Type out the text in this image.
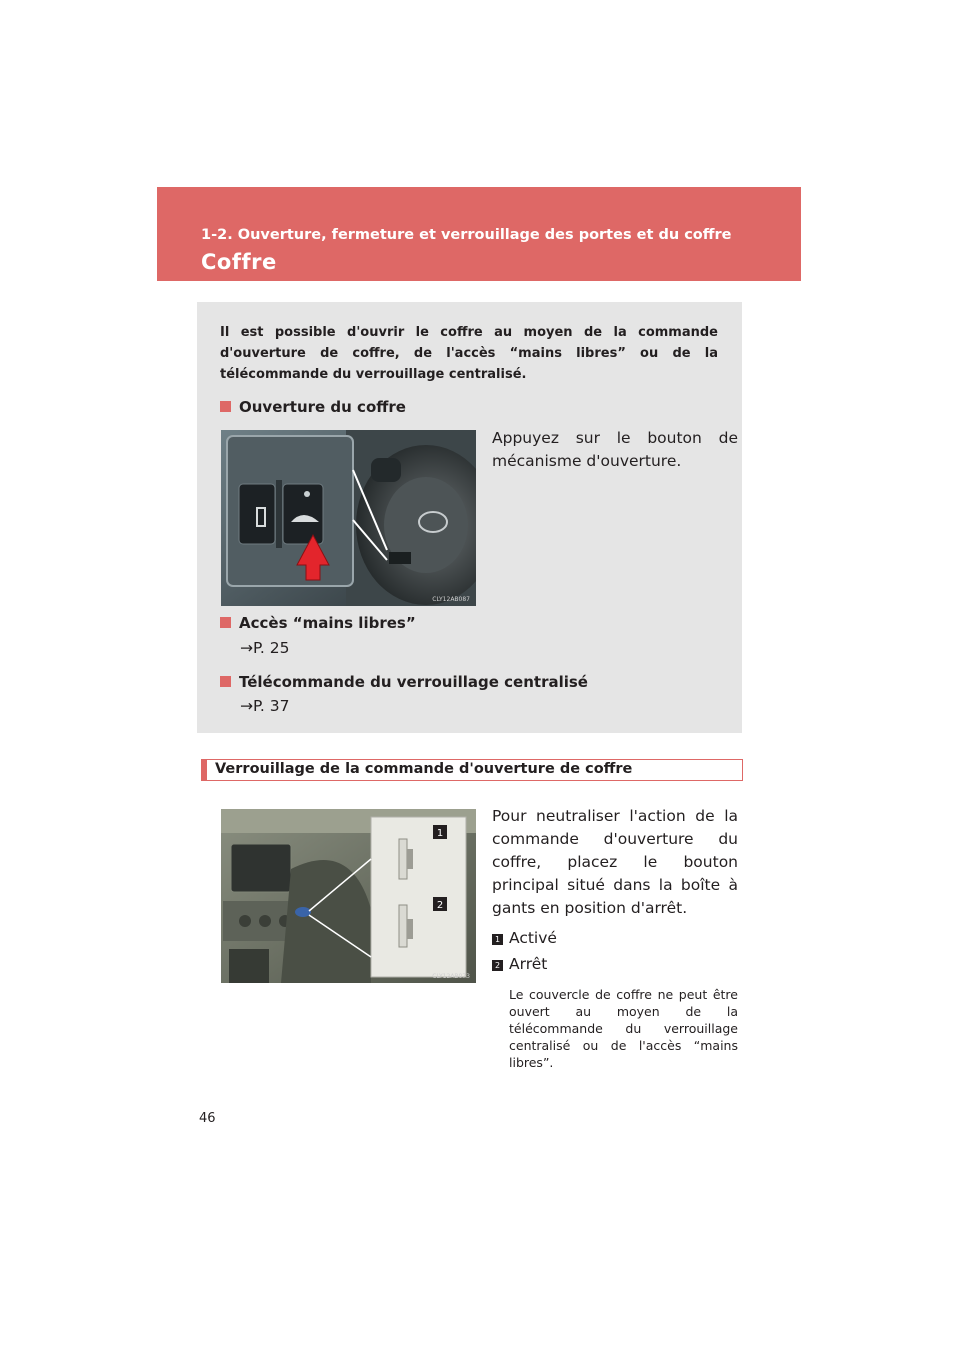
1-2. Ouverture, fermeture et verrouillage des portes et du coffre
Coffre
Il est possible d'ouvrir le coffre au moyen de la commande d'ouverture de coffre, de l'accès “mains libres” ou de la télécommande du verrouillage centralisé.
Ouverture du coffre
CLY12AB087
Appuyez sur le bouton de mécanisme d'ouverture.
Accès “mains libres”
→P. 25
Télécommande du verrouillage centralisé
→P. 37
Verrouillage de la commande d'ouverture de coffre
1
2
CLY12AB073
Pour neutraliser l'action de la commande d'ouverture du coffre, placez le bouton principal situé dans la boîte à gants en position d'arrêt.
1 Activé
2 Arrêt
Le couvercle de coffre ne peut être ouvert au moyen de la télécommande du verrouillage centralisé ou de l'accès “mains libres”.
46
